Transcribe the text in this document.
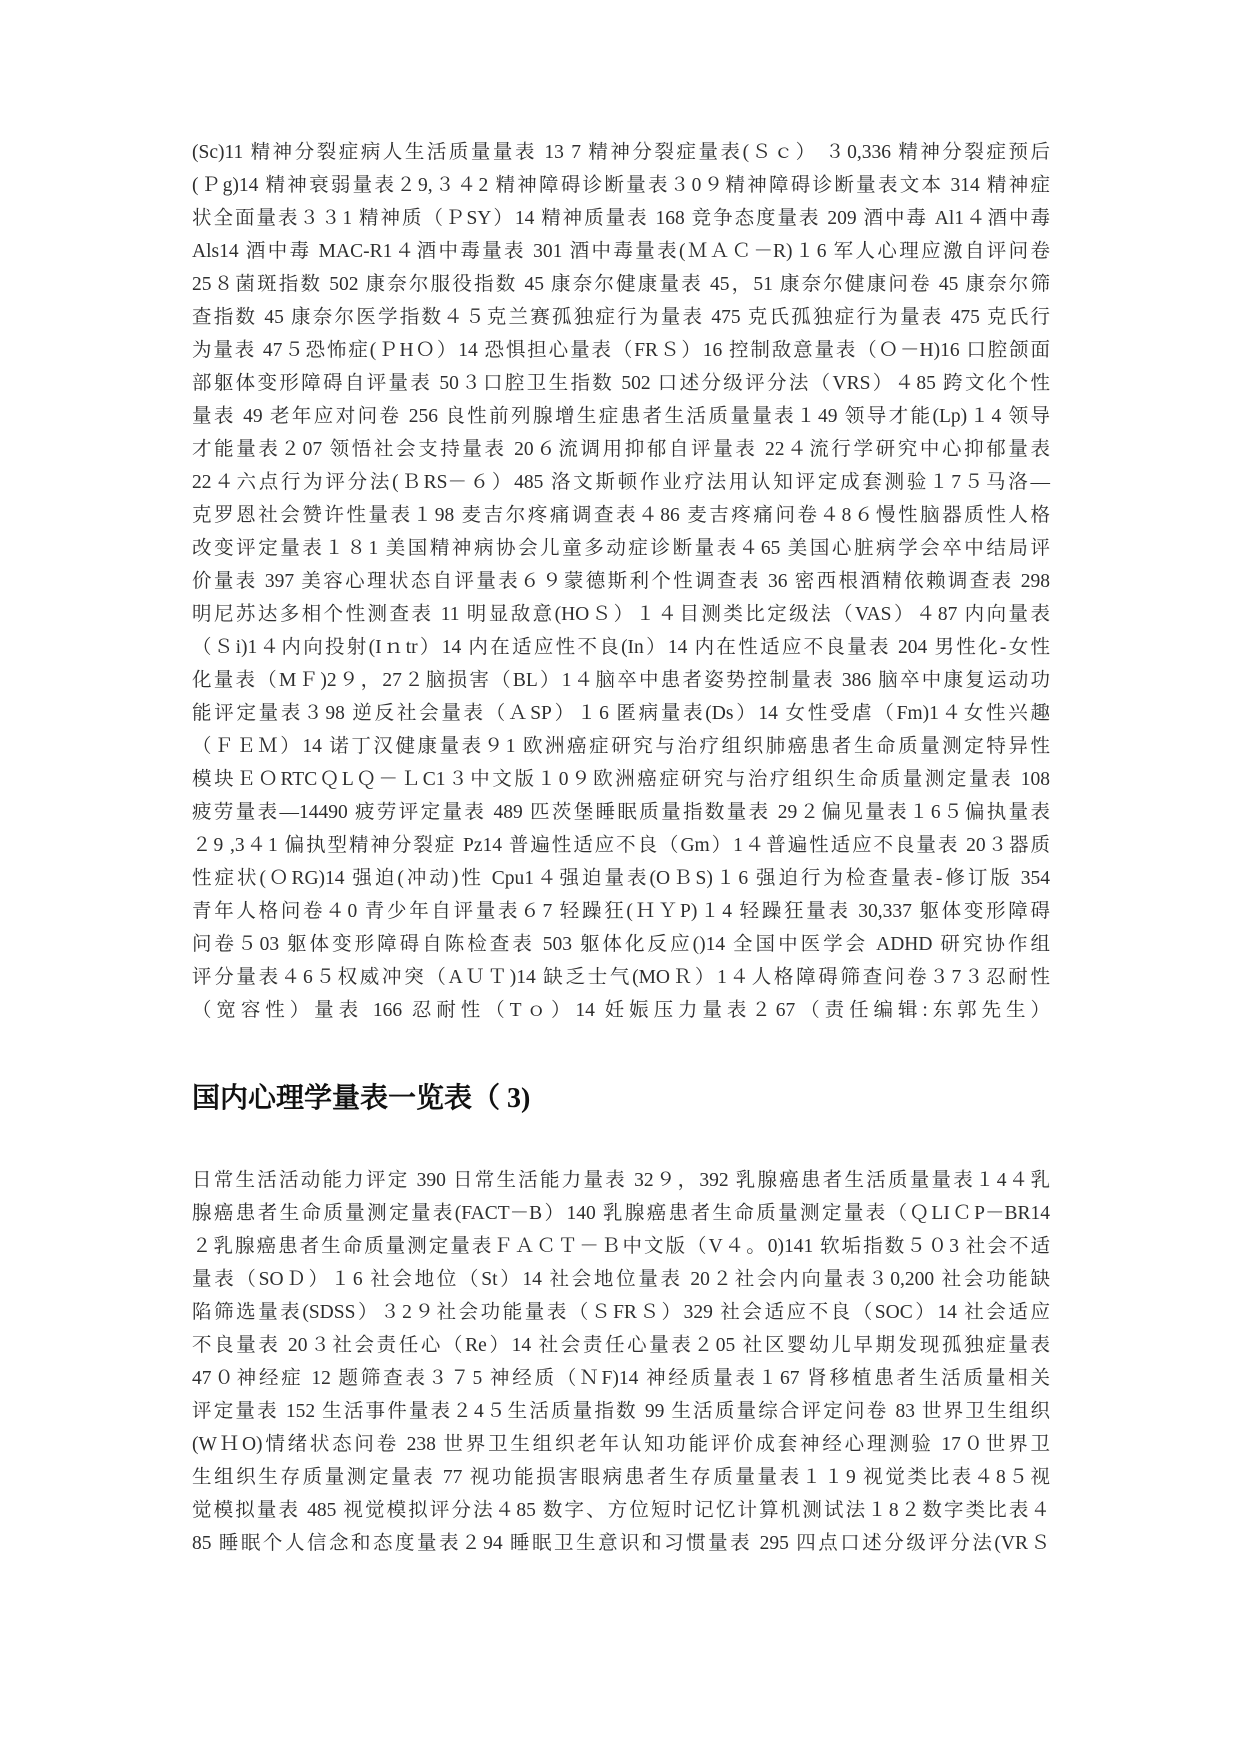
(Sc)11 精神分裂症病人生活质量量表 13 7 精神分裂症量表(Ｓｃ） ３0,336 精神分裂症预后
(Ｐg)14 精神衰弱量表２9,３４2 精神障碍诊断量表３0９精神障碍诊断量表文本 314 精神症
状全面量表３３1 精神质（ＰSY）14 精神质量表 168 竞争态度量表 209 酒中毒 Al1４酒中毒
Als14 酒中毒 MAC-R1４酒中毒量表 301 酒中毒量表(ＭＡＣ－R)１6 军人心理应激自评问卷
25８菌斑指数 502 康奈尔服役指数 45 康奈尔健康量表 45，51 康奈尔健康问卷 45 康奈尔筛
查指数 45 康奈尔医学指数４５克兰赛孤独症行为量表 475 克氏孤独症行为量表 475 克氏行
为量表 47５恐怖症(ＰHＯ）14 恐惧担心量表（FRＳ）16 控制敌意量表（Ｏ－H)16 口腔颌面
部躯体变形障碍自评量表 50３口腔卫生指数 502 口述分级评分法（VRS）４85 跨文化个性
量表 49 老年应对问卷 256 良性前列腺增生症患者生活质量量表１49 领导才能(Lp)１4 领导
才能量表２07 领悟社会支持量表 20６流调用抑郁自评量表 22４流行学研究中心抑郁量表
22４六点行为评分法(ＢRS－６）485 洛文斯顿作业疗法用认知评定成套测验１7５马洛—
克罗恩社会赞许性量表１98 麦吉尔疼痛调查表４86 麦吉疼痛问卷４8６慢性脑器质性人格
改变评定量表１８1 美国精神病协会儿童多动症诊断量表４65 美国心脏病学会卒中结局评
价量表 397 美容心理状态自评量表６９蒙德斯利个性调查表 36 密西根酒精依赖调查表 298
明尼苏达多相个性测查表 11 明显敌意(HOＳ）１４目测类比定级法（VAS）４87 内向量表
（Ｓi)1４内向投射(Iｎtr）14 内在适应性不良(In）14 内在性适应不良量表 204 男性化-女性
化量表（MＦ)2９，27２脑损害（BL）1４脑卒中患者姿势控制量表 386 脑卒中康复运动功
能评定量表３98 逆反社会量表（ＡSP）１6 匿病量表(Ds）14 女性受虐（Fm)1４女性兴趣
（ＦＥＭ）14 诺丁汉健康量表９1 欧洲癌症研究与治疗组织肺癌患者生命质量测定特异性
模块ＥＯRTCＱLＱ－ＬC1３中文版１0９欧洲癌症研究与治疗组织生命质量测定量表 108
疲劳量表—14490 疲劳评定量表 489 匹茨堡睡眠质量指数量表 29２偏见量表１6５偏执量表
２9 ,3４1 偏执型精神分裂症 Pz14 普遍性适应不良（Gm）1４普遍性适应不良量表 20３器质
性症状(ＯRG)14 强迫(冲动)性 Cpu1４强迫量表(OＢS)１6 强迫行为检查量表-修订版 354
青年人格问卷４0 青少年自评量表６7 轻躁狂(ＨＹP)１4 轻躁狂量表 30,337 躯体变形障碍
问卷５03 躯体变形障碍自陈检查表 503 躯体化反应()14 全国中医学会 ADHD 研究协作组
评分量表４6５权威冲突（AＵＴ)14 缺乏士气(MOＲ）1４人格障碍筛查问卷３7３忍耐性
（宽容性）量表 166 忍耐性（Tｏ）14 妊娠压力量表２67（责任编辑:东郭先生）
国内心理学量表一览表（ 3)
日常生活活动能力评定 390 日常生活能力量表 32９，392 乳腺癌患者生活质量量表１4４乳
腺癌患者生命质量测定量表(FACT－B）140 乳腺癌患者生命质量测定量表（ＱLIＣP－BR14
２乳腺癌患者生命质量测定量表ＦＡＣＴ－Ｂ中文版（V４。0)141 软垢指数５０3 社会不适
量表（SOＤ）１6 社会地位（St）14 社会地位量表 20２社会内向量表３0,200 社会功能缺
陷筛选量表(SDSS）３2９社会功能量表（ＳFRＳ）329 社会适应不良（SOC）14 社会适应
不良量表 20３社会责任心（Re）14 社会责任心量表２05 社区婴幼儿早期发现孤独症量表
47０神经症 12 题筛查表３７5 神经质（ＮF)14 神经质量表１67 肾移植患者生活质量相关
评定量表 152 生活事件量表２4５生活质量指数 99 生活质量综合评定问卷 83 世界卫生组织
(WＨO)情绪状态问卷 238 世界卫生组织老年认知功能评价成套神经心理测验 17０世界卫
生组织生存质量测定量表 77 视功能损害眼病患者生存质量量表１１9 视觉类比表４8５视
觉模拟量表 485 视觉模拟评分法４85 数字、方位短时记忆计算机测试法１8２数字类比表４
85 睡眠个人信念和态度量表２94 睡眠卫生意识和习惯量表 295 四点口述分级评分法(VRＳ
